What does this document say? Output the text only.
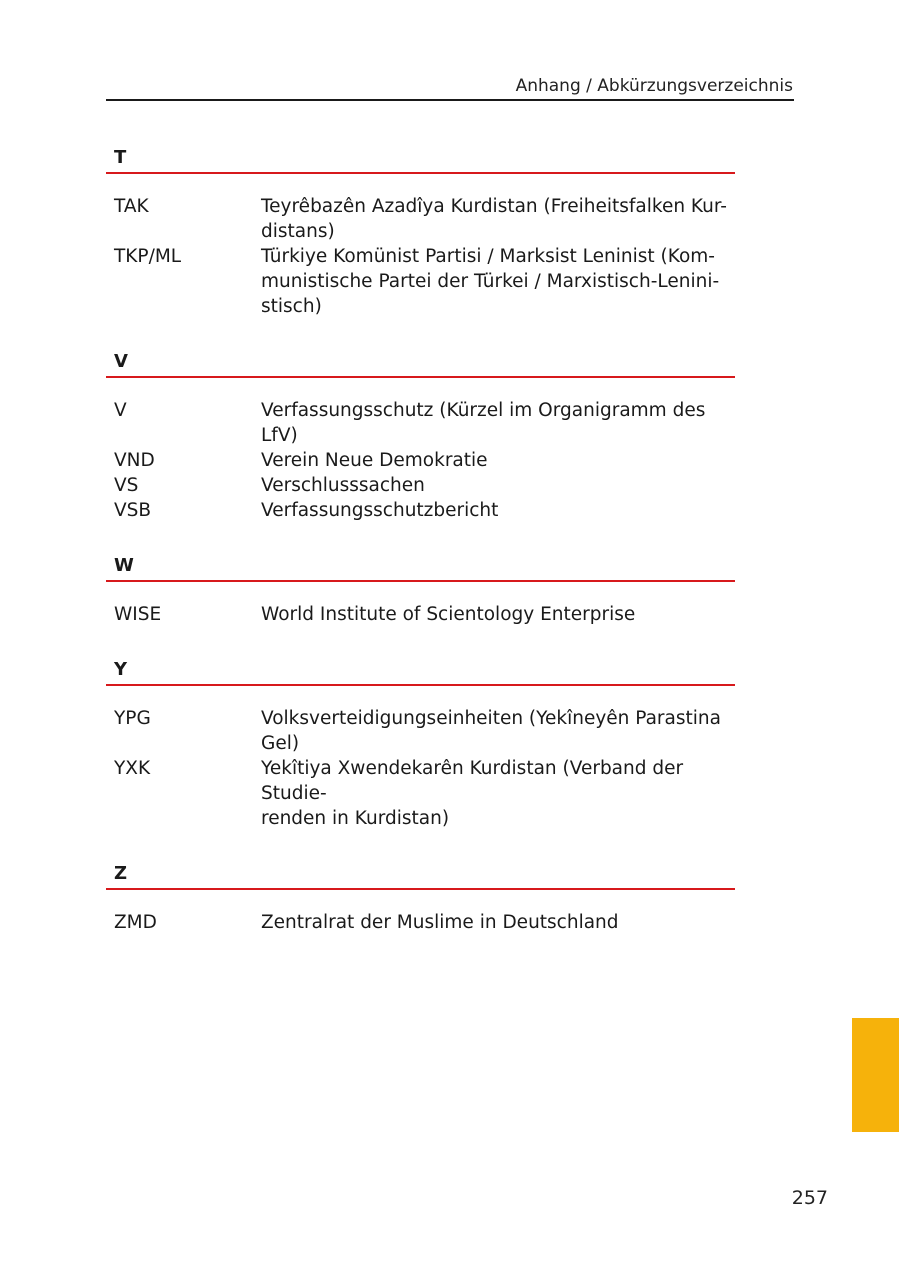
Anhang / Abkürzungsverzeichnis
T
TAK	Teyrêbazên Azadîya Kurdistan (Freiheitsfalken Kur-
distans)
TKP/ML	Türkiye Komünist Partisi / Marksist Leninist (Kom-
munistische Partei der Türkei / Marxistisch-Lenini-
stisch)
V
V	Verfassungsschutz (Kürzel im Organigramm des
LfV)
VND	Verein Neue Demokratie
VS	Verschlusssachen
VSB	Verfassungsschutzbericht
W
WISE	World Institute of Scientology Enterprise
Y
YPG	Volksverteidigungseinheiten (Yekîneyên Parastina
Gel)
YXK	Yekîtiya Xwendekarên Kurdistan (Verband der Studie-
renden in Kurdistan)
Z
ZMD	Zentralrat der Muslime in Deutschland
257
